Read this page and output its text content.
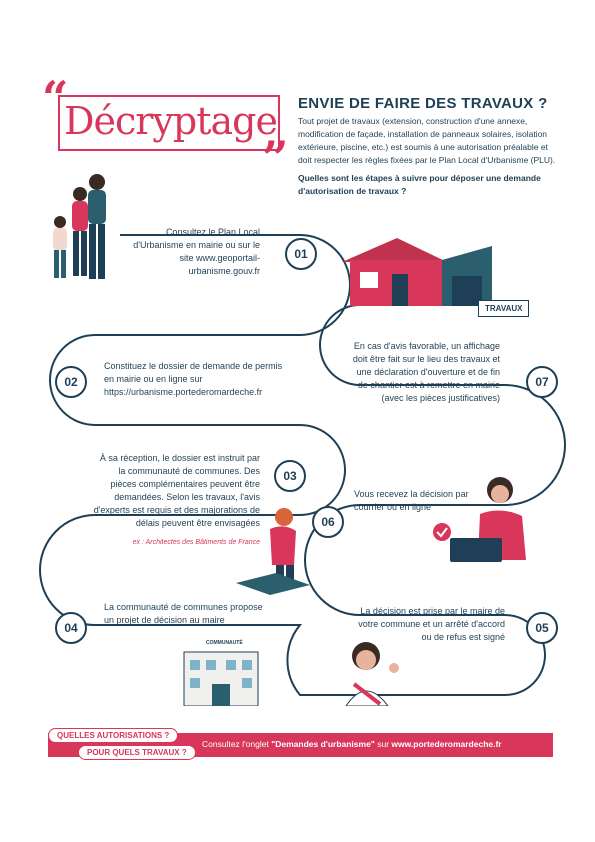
“
Décryptage
”
ENVIE DE FAIRE DES TRAVAUX ?
Tout projet de travaux (extension, construction d'une annexe, modification de façade, installation de panneaux solaires, isolation extérieure, piscine, etc.) est soumis à une autorisation préalable et doit respecter les règles fixées par le Plan Local d'Urbanisme (PLU).
Quelles sont les étapes à suivre pour déposer une demande d'autorisation de travaux ?
TRAVAUX
Consultez le Plan Local d'Urbanisme en mairie ou sur le site www.geoportail-urbanisme.gouv.fr
01
En cas d'avis favorable, un affichage doit être fait sur le lieu des travaux et une déclaration d'ouverture et de fin de chantier est à remettre en mairie (avec les pièces justificatives)
07
02
Constituez le dossier de demande de permis en mairie ou en ligne sur https://urbanisme.portederomardeche.fr
À sa réception, le dossier est instruit par la communauté de communes. Des pièces complémentaires peuvent être demandées. Selon les travaux, l'avis d'experts est requis et des majorations de délais peuvent être envisagées
ex : Architectes des Bâtiments de France
03
06
Vous recevez la décision par courrier ou en ligne
04
La communauté de communes propose un projet de décision au maire
COMMUNAUTÉ
La décision est prise par le maire de votre commune et un arrêté d'accord ou de refus est signé
05
QUELLES AUTORISATIONS ?
POUR QUELS TRAVAUX ?
Consultez l'onglet "Demandes d'urbanisme" sur www.portederomardeche.fr
